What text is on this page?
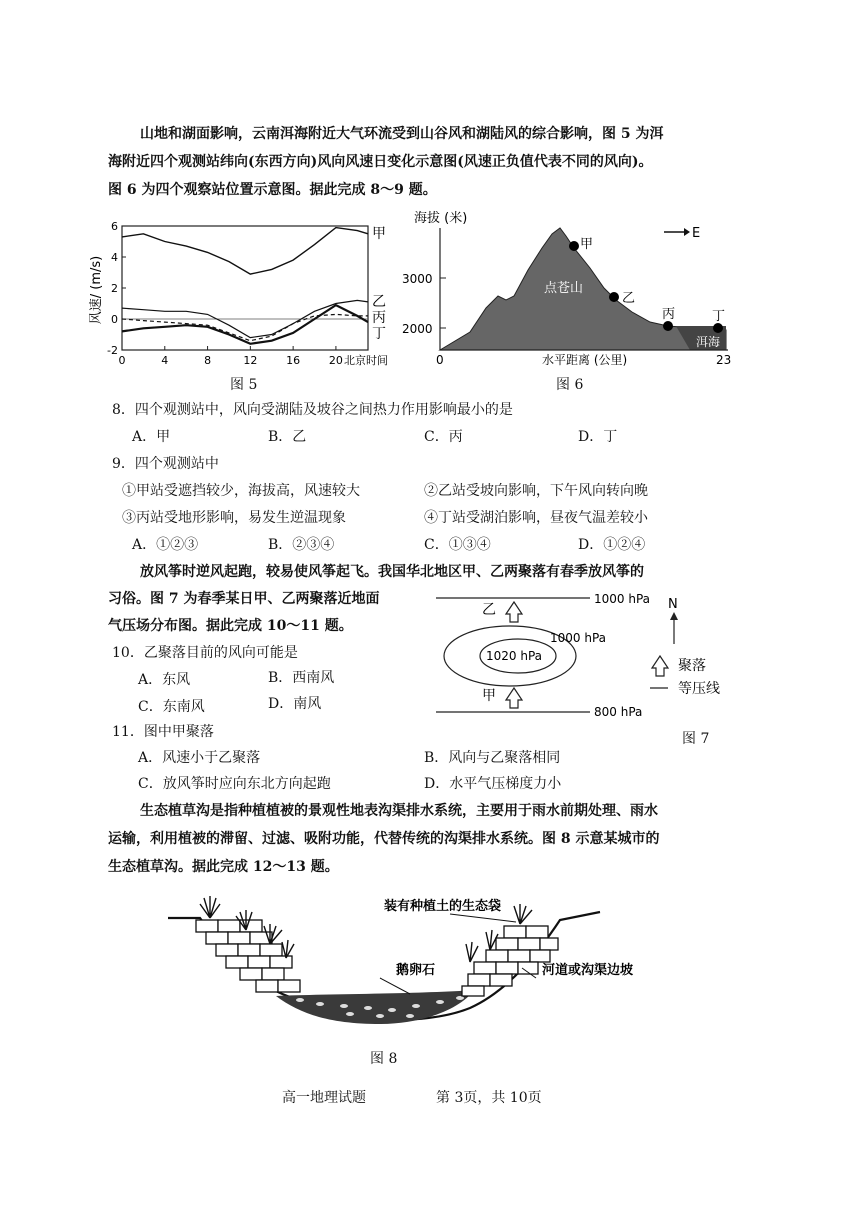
山地和湖面影响，云南洱海附近大气环流受到山谷风和湖陆风的综合影响，图 5 为洱
海附近四个观测站纬向(东西方向)风向风速日变化示意图(风速正负值代表不同的风向)。
图 6 为四个观察站位置示意图。据此完成 8～9 题。
0	4	8	12	16	20
6
4
2
0
-2
风速/ (m/s)
北京时间
甲
乙
丙
丁
图 5
海拔 (米)
3000
2000
0	23
水平距离 (公里)
点苍山
洱海
E
甲
乙
丙	丁
图 6
8．四个观测站中，风向受湖陆及坡谷之间热力作用影响最小的是
A．甲	B．乙	C．丙	D．丁
9．四个观测站中
①甲站受遮挡较少，海拔高，风速较大	②乙站受坡向影响，下午风向转向晚
③丙站受地形影响，易发生逆温现象	④丁站受湖泊影响，昼夜气温差较小
A．①②③	B．②③④	C．①③④	D．①②④
放风筝时逆风起跑，较易使风筝起飞。我国华北地区甲、乙两聚落有春季放风筝的
习俗。图 7 为春季某日甲、乙两聚落近地面
气压场分布图。据此完成 10～11 题。
1000 hPa
1000 hPa
1020 hPa
800 hPa
乙
甲
N
聚落
等压线
图 7
10．乙聚落目前的风向可能是
A．东风	B．西南风
C．东南风	D．南风
11．图中甲聚落
A．风速小于乙聚落	B．风向与乙聚落相同
C．放风筝时应向东北方向起跑	D．水平气压梯度力小
生态植草沟是指种植植被的景观性地表沟渠排水系统，主要用于雨水前期处理、雨水
运输，利用植被的滞留、过滤、吸附功能，代替传统的沟渠排水系统。图 8 示意某城市的
生态植草沟。据此完成 12～13 题。
装有种植土的生态袋
鹅卵石	河道或沟渠边坡
图 8
高一地理试题	第 3页，共 10页
